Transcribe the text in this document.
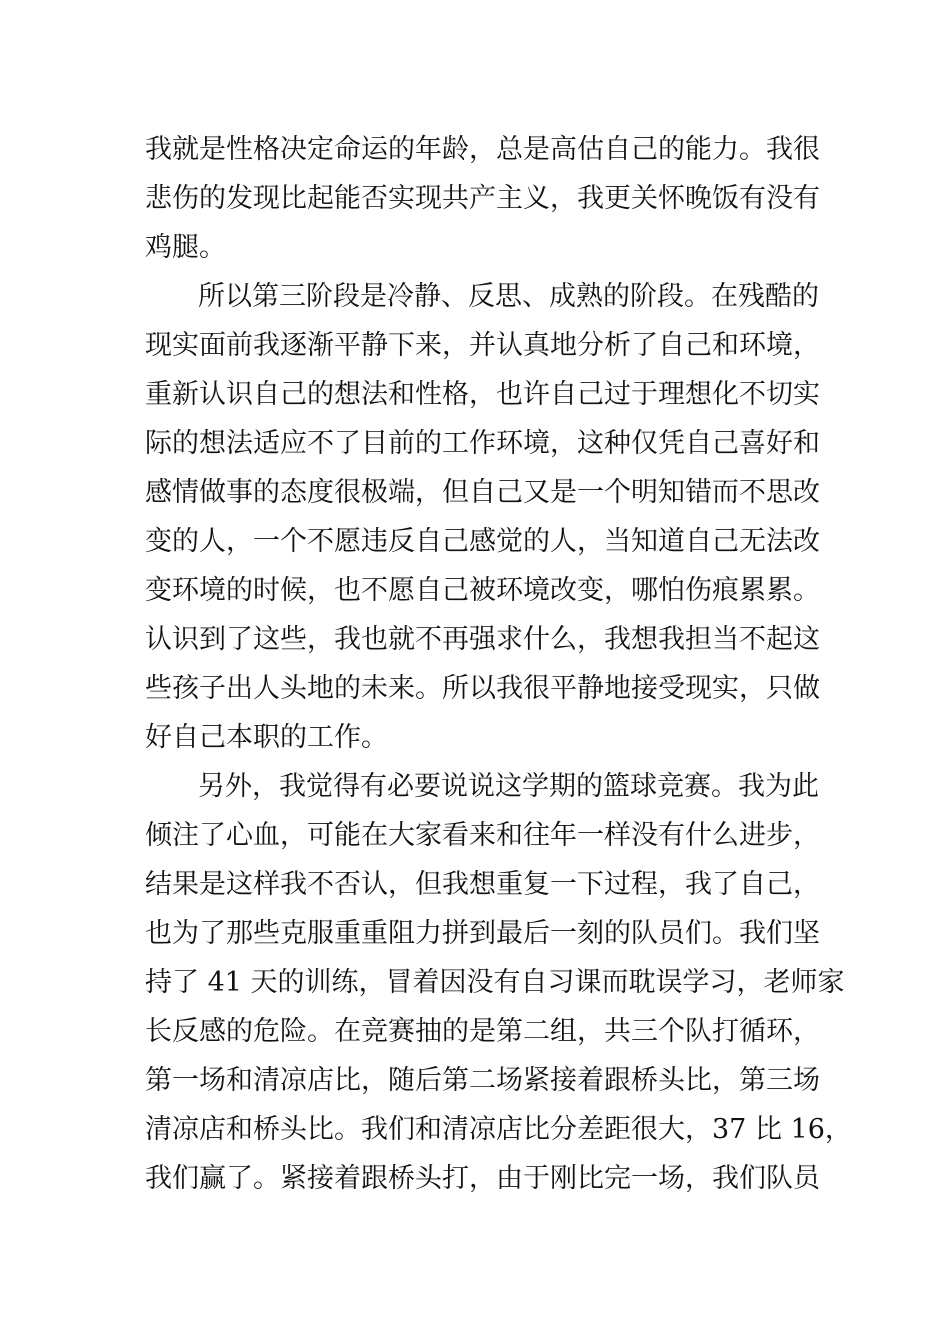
我就是性格决定命运的年龄，总是高估自己的能力。我很
悲伤的发现比起能否实现共产主义，我更关怀晚饭有没有
鸡腿。
所以第三阶段是冷静、反思、成熟的阶段。在残酷的
现实面前我逐渐平静下来，并认真地分析了自己和环境，
重新认识自己的想法和性格，也许自己过于理想化不切实
际的想法适应不了目前的工作环境，这种仅凭自己喜好和
感情做事的态度很极端，但自己又是一个明知错而不思改
变的人，一个不愿违反自己感觉的人，当知道自己无法改
变环境的时候，也不愿自己被环境改变，哪怕伤痕累累。
认识到了这些，我也就不再强求什么，我想我担当不起这
些孩子出人头地的未来。所以我很平静地接受现实，只做
好自己本职的工作。
另外，我觉得有必要说说这学期的篮球竞赛。我为此
倾注了心血，可能在大家看来和往年一样没有什么进步，
结果是这样我不否认，但我想重复一下过程，我了自己，
也为了那些克服重重阻力拼到最后一刻的队员们。我们坚
持了 41 天的训练，冒着因没有自习课而耽误学习，老师家
长反感的危险。在竞赛抽的是第二组，共三个队打循环，
第一场和清凉店比，随后第二场紧接着跟桥头比，第三场
清凉店和桥头比。我们和清凉店比分差距很大，37 比 16，
我们赢了。紧接着跟桥头打，由于刚比完一场，我们队员
